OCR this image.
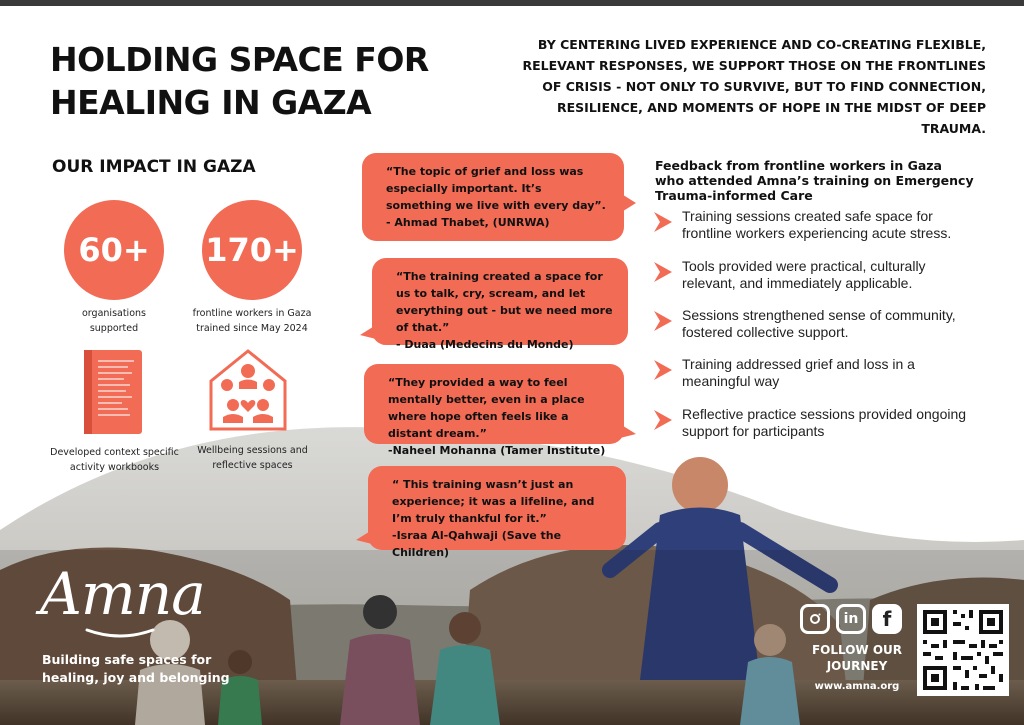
HOLDING SPACE FOR
HEALING IN GAZA
BY CENTERING LIVED EXPERIENCE AND CO-CREATING FLEXIBLE, RELEVANT RESPONSES, WE SUPPORT THOSE ON THE FRONTLINES OF CRISIS - NOT ONLY TO SURVIVE, BUT TO FIND CONNECTION, RESILIENCE, AND MOMENTS OF HOPE IN THE MIDST OF DEEP TRAUMA.
OUR IMPACT IN GAZA
60+
organisations
supported
170+
frontline workers in Gaza
trained since May 2024
Developed context specific
activity workbooks
Wellbeing sessions and
reflective spaces
“The topic of grief and loss was especially important. It’s something we live with every day”. - Ahmad Thabet, (UNRWA)
“The training created a space for us to talk, cry, scream, and let everything out - but we need more of that.”
- Duaa (Medecins du Monde)
“They provided a way to feel mentally better, even in a place where hope often feels like a distant dream.”
-Naheel Mohanna (Tamer Institute)
“ This training wasn’t just an experience; it was a lifeline, and I’m truly thankful for it.”
-Israa Al-Qahwaji (Save the Children)
Feedback from frontline workers in Gaza who attended Amna’s training on Emergency Trauma-informed Care
Training sessions created safe space for frontline workers experiencing acute stress.
Tools provided were practical, culturally relevant, and immediately applicable.
Sessions strengthened sense of community, fostered collective support.
Training addressed grief and loss in a meaningful way
Reflective practice sessions provided ongoing support for participants
Amna
Building safe spaces for healing, joy and belonging
in	f
FOLLOW OUR
JOURNEY
www.amna.org
